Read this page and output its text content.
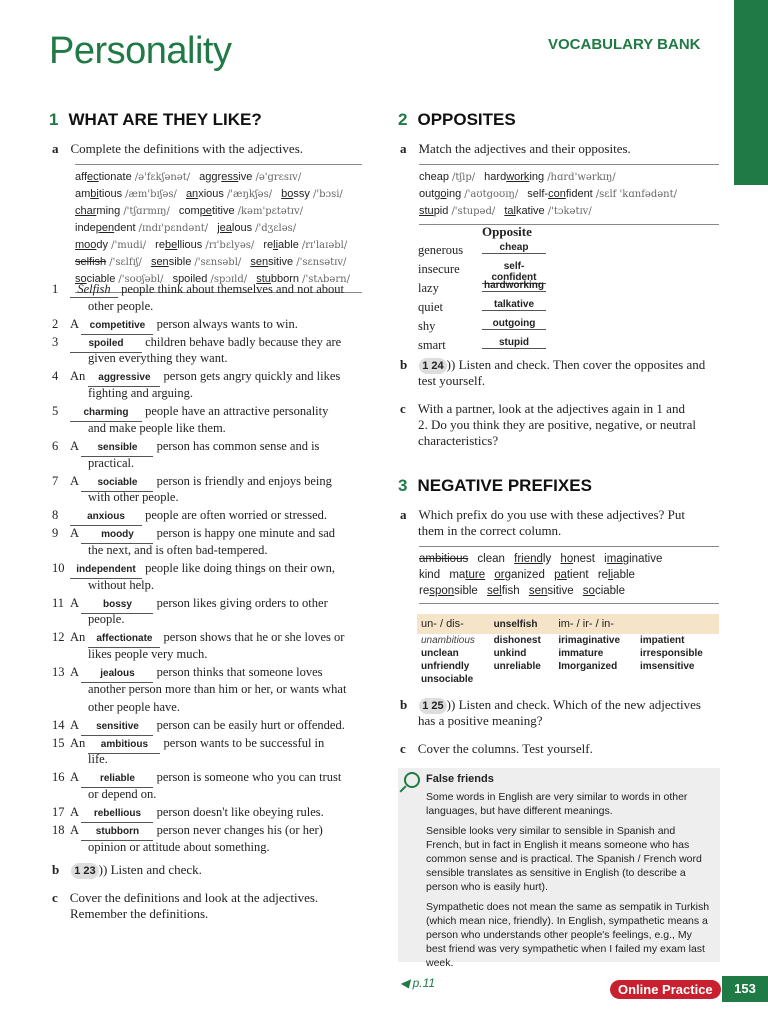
Personality	VOCABULARY BANK
1 WHAT ARE THEY LIKE?
a Complete the definitions with the adjectives.
affectionate /ə'fɛkʃənət/ aggressive /ə'grɛsɪv/
ambitious /æm'bɪʃəs/ anxious /'æŋkʃəs/ bossy /'bɔsi/
charming /'tʃɑrmɪŋ/ competitive /kəm'pɛtətɪv/
independent /ɪndɪ'pɛndənt/ jealous /'dʒɛləs/
moody /'mudi/ rebellious /rɪ'bɛlyəs/ reliable /rɪ'laɪəbl/
selfish /'sɛlfɪʃ/ sensible /'sɛnsəbl/ sensitive /'sɛnsətɪv/
sociable /'soʊʃəbl/ spoiled /spɔɪld/ stubborn /'stʌbərn/
1 Selfish people think about themselves and not about
other people.
2 A competitive person always wants to win.
3	spoiled children behave badly because they are
given everything they want.
4 An aggressive person gets angry quickly and likes
fighting and arguing.
5	charming people have an attractive personality
and make people like them.
6 A sensible person has common sense and is
practical.
7 A sociable person is friendly and enjoys being
with other people.
8	anxious people are often worried or stressed.
9 A moody person is happy one minute and sad
the next, and is often bad-tempered.
10 independent people like doing things on their own,
without help.
11 A bossy person likes giving orders to other
people.
12 An affectionate person shows that he or she loves or
likes people very much.
13 A jealous person thinks that someone loves
another person more than him or her, or wants what
other people have.
14 A sensitive person can be easily hurt or offended.
15 An ambitious person wants to be successful in
life.
16 A reliable person is someone who you can trust
or depend on.
17 A rebellious person doesn't like obeying rules.
18 A stubborn person never changes his (or her)
opinion or attitude about something.
b 1 23 )) Listen and check.
c Cover the definitions and look at the adjectives.
Remember the definitions.
2 OPPOSITES
a Match the adjectives and their opposites.
cheap /tʃip/ hardworking /hɑrd'wərkɪŋ/
outgoing /'aʊtgoʊɪŋ/ self-confident /sɛlf 'kɑnfədənt/
stupid /'stupəd/ talkative /'tɔkətɪv/
Opposite
generous	cheap
insecure	self-confident
lazy	hardworking
quiet	talkative
shy	outgoing
smart	stupid
b 1 24 )) Listen and check. Then cover the opposites and
test yourself.
c With a partner, look at the adjectives again in 1 and
2. Do you think they are positive, negative, or neutral
characteristics?
3 NEGATIVE PREFIXES
a Which prefix do you use with these adjectives? Put
them in the correct column.
ambitious clean friendly honest imaginative
kind mature organized patient reliable
responsible selfish sensitive sociable
un- / dis-	unselfish	im- / ir- / in-	
unambitious	dishonest	irimaginative	impatient
unclean	unkind	immature	irresponsible
unfriendly	unreliable	Imorganized	imsensitive
unsociable			
b 1 25 )) Listen and check. Which of the new adjectives
has a positive meaning?
c Cover the columns. Test yourself.
False friends

Some words in English are very similar to words in other languages, but have different meanings.

Sensible looks very similar to sensible in Spanish and French, but in fact in English it means someone who has common sense and is practical. The Spanish / French word sensible translates as sensitive in English (to describe a person who is easily hurt).

Sympathetic does not mean the same as sempatik in Turkish (which mean nice, friendly). In English, sympathetic means a person who understands other people's feelings, e.g., My best friend was very sympathetic when I failed my exam last week.

◀ p.11	Online Practice	153
